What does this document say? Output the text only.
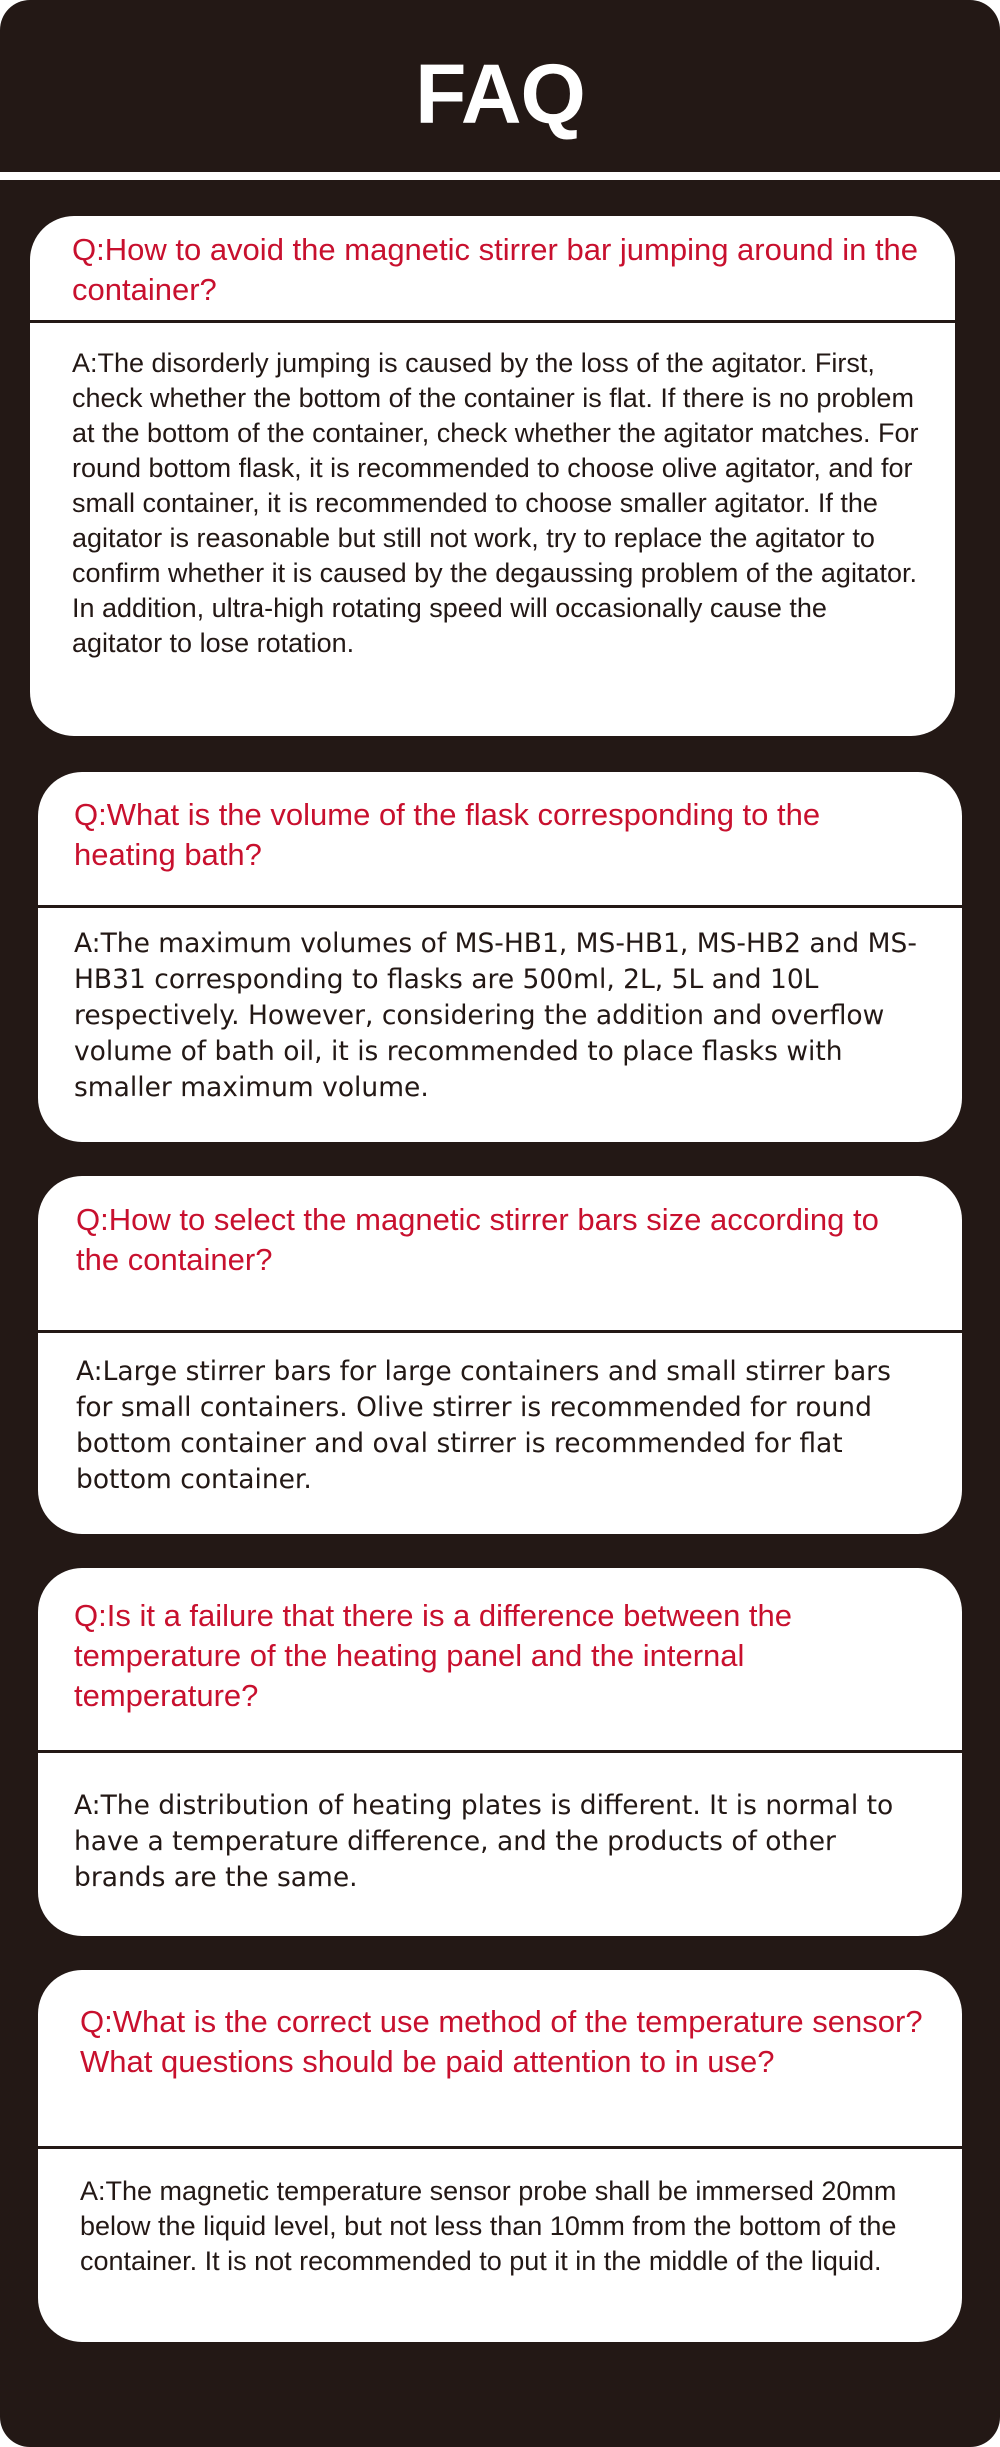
FAQ
Q:How to avoid the magnetic stirrer bar jumping around in the container?
A:The disorderly jumping is caused by the loss of the agitator. First, check whether the bottom of the container is flat. If there is no problem at the bottom of the container, check whether the agitator matches. For round bottom flask, it is recommended to choose olive agitator, and for small container, it is recommended to choose smaller agitator. If the agitator is reasonable but still not work, try to replace the agitator to confirm whether it is caused by the degaussing problem of the agitator. In addition, ultra-high rotating speed will occasionally cause the agitator to lose rotation.
Q:What is the volume of the flask corresponding to the heating bath?
A:The maximum volumes of MS-HB1, MS-HB1, MS-HB2 and MS-HB31 corresponding to flasks are 500ml, 2L, 5L and 10L respectively. However, considering the addition and overflow volume of bath oil, it is recommended to place flasks with smaller maximum volume.
Q:How to select the magnetic stirrer bars size according to the container?
A:Large stirrer bars for large containers and small stirrer bars for small containers. Olive stirrer is recommended for round bottom container and oval stirrer is recommended for flat bottom container.
Q:Is it a failure that there is a difference between the temperature of the heating panel and the internal temperature?
A:The distribution of heating plates is different. It is normal to have a temperature difference, and the products of other brands are the same.
Q:What is the correct use method of the temperature sensor? What questions should be paid attention to in use?
A:The magnetic temperature sensor probe shall be immersed 20mm below the liquid level, but not less than 10mm from the bottom of the container. It is not recommended to put it in the middle of the liquid.
